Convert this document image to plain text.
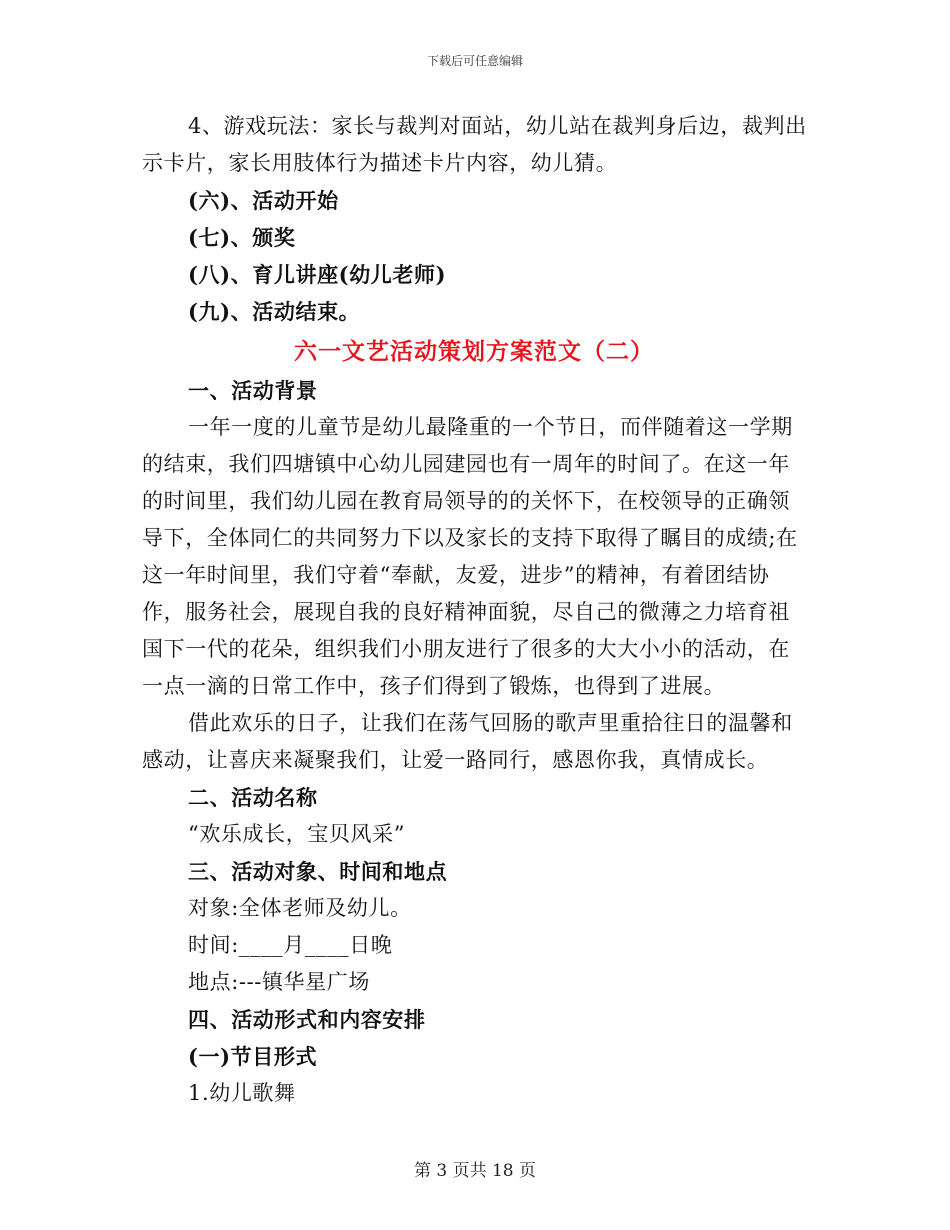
下载后可任意编辑
4、游戏玩法：家长与裁判对面站，幼儿站在裁判身后边，裁判出
示卡片，家长用肢体行为描述卡片内容，幼儿猜。
(六)、活动开始
(七)、颁奖
(八)、育儿讲座(幼儿老师)
(九)、活动结束。
六一文艺活动策划方案范文（二）
一、活动背景
一年一度的儿童节是幼儿最隆重的一个节日，而伴随着这一学期
的结束，我们四塘镇中心幼儿园建园也有一周年的时间了。在这一年
的时间里，我们幼儿园在教育局领导的的关怀下，在校领导的正确领
导下，全体同仁的共同努力下以及家长的支持下取得了瞩目的成绩;在
这一年时间里，我们守着“奉献，友爱，进步”的精神，有着团结协
作，服务社会，展现自我的良好精神面貌，尽自己的微薄之力培育祖
国下一代的花朵，组织我们小朋友进行了很多的大大小小的活动，在
一点一滴的日常工作中，孩子们得到了锻炼，也得到了进展。
借此欢乐的日子，让我们在荡气回肠的歌声里重拾往日的温馨和
感动，让喜庆来凝聚我们，让爱一路同行，感恩你我，真情成长。
二、活动名称
“欢乐成长，宝贝风采”
三、活动对象、时间和地点
对象:全体老师及幼儿。
时间:____月____日晚
地点:---镇华星广场
四、活动形式和内容安排
(一)节目形式
1.幼儿歌舞
第 3 页共 18 页
